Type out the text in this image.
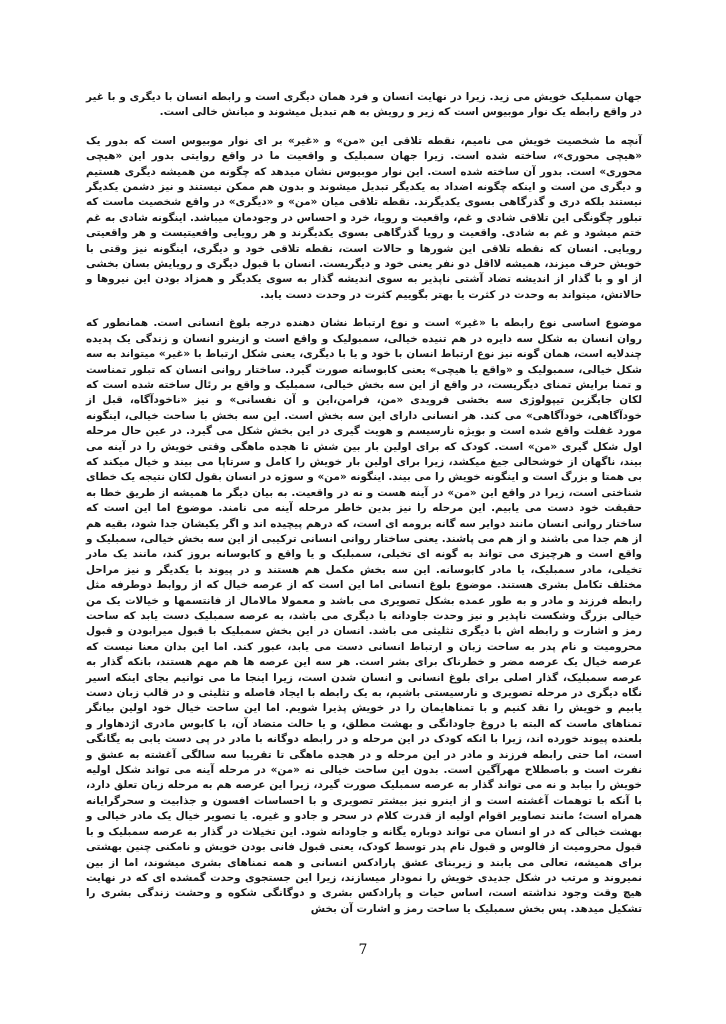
جهان سمبلیک خویش می زید. زیرا در نهایت انسان و فرد همان دیگری است و رابطه انسان با دیگری و با غیر در واقع رابطه یک نوار موبیوس است که زیر و رویش به هم تبدیل میشوند و میانش خالی است.

آنچه ما شخصیت خویش می نامیم، نقطه تلاقی این «من» و «غیر» بر ای نوار موبیوس است که بدور یک «هیچی محوری»، ساخته شده است. زیرا جهان سمبلیک و واقعیت ما در واقع روایتی بدور این «هیچی محوری» است. بدور آن ساخته شده است. این نوار موبیوس نشان میدهد که چگونه من همیشه دیگری هستیم و دیگری من است و اینکه چگونه اضداد به یکدیگر تبدیل میشوند و بدون هم ممکن نیستند و نیز دشمن یکدیگر نیستند بلکه دری و گذرگاهی بسوی یکدیگرند. نقطه تلاقی میان «من» و «دیگری» در واقع شخصیت ماست که تبلور چگونگی این تلاقی شادی و غم، واقعیت و رویا، خرد و احساس در وجودمان میباشد. اینگونه شادی به غم ختم میشود و غم به شادی. واقعیت و رویا گذرگاهی بسوی یکدیگرند و هر رویایی واقعیتیست و هر واقعیتی رویایی. انسان که نقطه تلاقی این شورها و حالات است، نقطه تلاقی خود و دیگری، اینگونه نیز وقتی با خویش حرف میزند، همیشه لااقل دو نفر یعنی خود و دیگریست. انسان با قبول دیگری و رویایش بسان بخشی از او و با گذار از اندیشه تضاد آشتی ناپذیر به سوی اندیشه گذار به سوی یکدیگر و همزاد بودن این نیروها و حالاتش، میتواند به وحدت در کثرت یا بهتر بگوییم کثرت در وحدت دست یابد.

موضوع اساسی نوع رابطه با «غیر» است و نوع ارتباط نشان دهنده درجه بلوغ انسانی است. همانطور که روان انسان به شکل سه دایره در هم تنیده خیالی، سمبولیک و واقع است و ازینرو انسان و زندگی یک پدیده چندلایه است، همان گونه نیز نوع ارتباط انسان با خود و یا با دیگری، یعنی شکل ارتباط با «غیر» میتواند به سه شکل خیالی، سمبولیک و «واقع یا هیچی» یعنی کابوسانه صورت گیرد. ساختار روانی انسان که تبلور تمناست و تمنا برایش تمنای دیگریست، در واقع از این سه بخش خیالی، سمبلیک و واقع بر رئال ساخته شده است که لکان جایگزین تیپولوژی سه بخشی فرویدی «من، فرامن،این و آن نفسانی» و نیز «ناخودآگاه، قبل از خودآگاهی، خودآگاهی» می کند. هر انسانی دارای این سه بخش است. این سه بخش با ساحت خیالی، اینگونه مورد غفلت واقع شده است و بویژه نارسیسم و هویت گیری در این بخش شکل می گیرد. در عین حال مرحله اول شکل گیری «من» است. کودک که برای اولین بار بین شش تا هجده ماهگی وقتی خویش را در آینه می بیند، ناگهان از خوشحالی جیغ میکشد، زیرا برای اولین بار خویش را کامل و سرتاپا می بیند و خیال میکند که بی همتا و بزرگ است و اینگونه خویش را می بیند. اینگونه «من» و سوژه در انسان بقول لکان نتیجه یک خطای شناختی است، زیرا در واقع این «من» در آینه هست و نه در واقعیت. به بیان دیگر ما همیشه از طریق خطا به حقیقت خود دست می یابیم. این مرحله را نیز بدین خاطر مرحله آینه می نامند. موضوع اما این است که ساختار روانی انسان مانند دوایر سه گانه برومه ای است، که درهم پیچیده اند و اگر یکیشان جدا شود، بقیه هم از هم جدا می باشند و از هم می پاشند. یعنی ساختار روانی انسانی ترکیبی از این سه بخش خیالی، سمبلیک و واقع است و هرچیزی می تواند به گونه ای تخیلی، سمبلیک و یا واقع و کابوسانه بروز کند، مانند یک مادر تخیلی، مادر سمبلیک، یا مادر کابوسانه. این سه بخش مکمل هم هستند و در پیوند با یکدیگر و نیز مراحل مختلف تکامل بشری هستند. موضوع بلوغ انسانی اما این است که از عرصه خیال که از روابط دوطرفه مثل رابطه فرزند و مادر و به طور عمده بشکل تصویری می باشد و معمولا مالامال از فانتسمها و خیالات یک من خیالی بزرگ وشکست ناپذیر و نیز وحدت جاودانه با دیگری می باشد، به عرصه سمبلیک دست یابد که ساحت رمز و اشارت و رابطه اش با دیگری تثلیثی می باشد. انسان در این بخش سمبلیک با قبول میرابودن و قبول محرومیت و نام پدر به ساحت زبان و ارتباط انسانی دست می یابد، عبور کند. اما این بدان معنا نیست که عرصه خیال یک عرصه مضر و خطرناک برای بشر است. هر سه این عرصه ها هم مهم هستند، بانکه گذار به عرصه سمبلیک، گذار اصلی برای بلوغ انسانی و انسان شدن است، زیرا اینجا ما می توانیم بجای اینکه اسیر نگاه دیگری در مرحله تصویری و نارسیستی باشیم، به یک رابطه با ایجاد فاصله و تثلیثی و در قالب زبان دست یابیم و خویش را نقد کنیم و با تمناهایمان را در خویش پذیرا شویم. اما این ساحت خیال خود اولین بیانگر تمناهای ماست که البته با دروغ جاودانگی و بهشت مطلق، و یا حالت متضاد آن، با کابوس مادری اژدهاوار و بلعنده پیوند خورده اند، زیرا با انکه کودک در این مرحله و در رابطه دوگانه با مادر در پی دست یابی به یگانگی است، اما حتی رابطه فرزند و مادر در این مرحله و در هجده ماهگی تا تقریبا سه سالگی آغشته به عشق و نفرت است و باصطلاح مهرآگین است. بدون این ساحت خیالی نه «من» در مرحله آینه می تواند شکل اولیه خویش را بیابد و نه می تواند گذار به عرصه سمبلیک صورت گیرد، زیرا این عرصه هم به مرحله زبان تعلق دارد، با آنکه با توهمات آغشته است و از اینرو نیز بیشتر تصویری و با احساسات افسون و جذابیت و سحرگرایانه همراه است؛ مانند تصاویر اقوام اولیه از قدرت کلام در سحر و جادو و غیره. یا تصویر خیال یک مادر خیالی و بهشت خیالی که در او انسان می تواند دوباره یگانه و جاودانه شود. این تخیلات در گذار به عرصه سمبلیک و با قبول محرومیت از فالوس و قبول نام پدر توسط کودک، یعنی قبول فانی بودن خویش و نامکنی چنین بهشتی برای همیشه، تعالی می یابند و زیربنای عشق پارادکس انسانی و همه تمناهای بشری میشوند، اما از بین نمیروند و مرتب در شکل جدیدی خویش را نمودار میسازند، زیرا این جستجوی وحدت گمشده ای که در نهایت هیچ وقت وجود نداشته است، اساس حیات و پارادکس بشری و دوگانگی شکوه و وحشت زندگی بشری را تشکیل میدهد. پس بخش سمبلیک یا ساحت رمز و اشارت آن بخش

7
